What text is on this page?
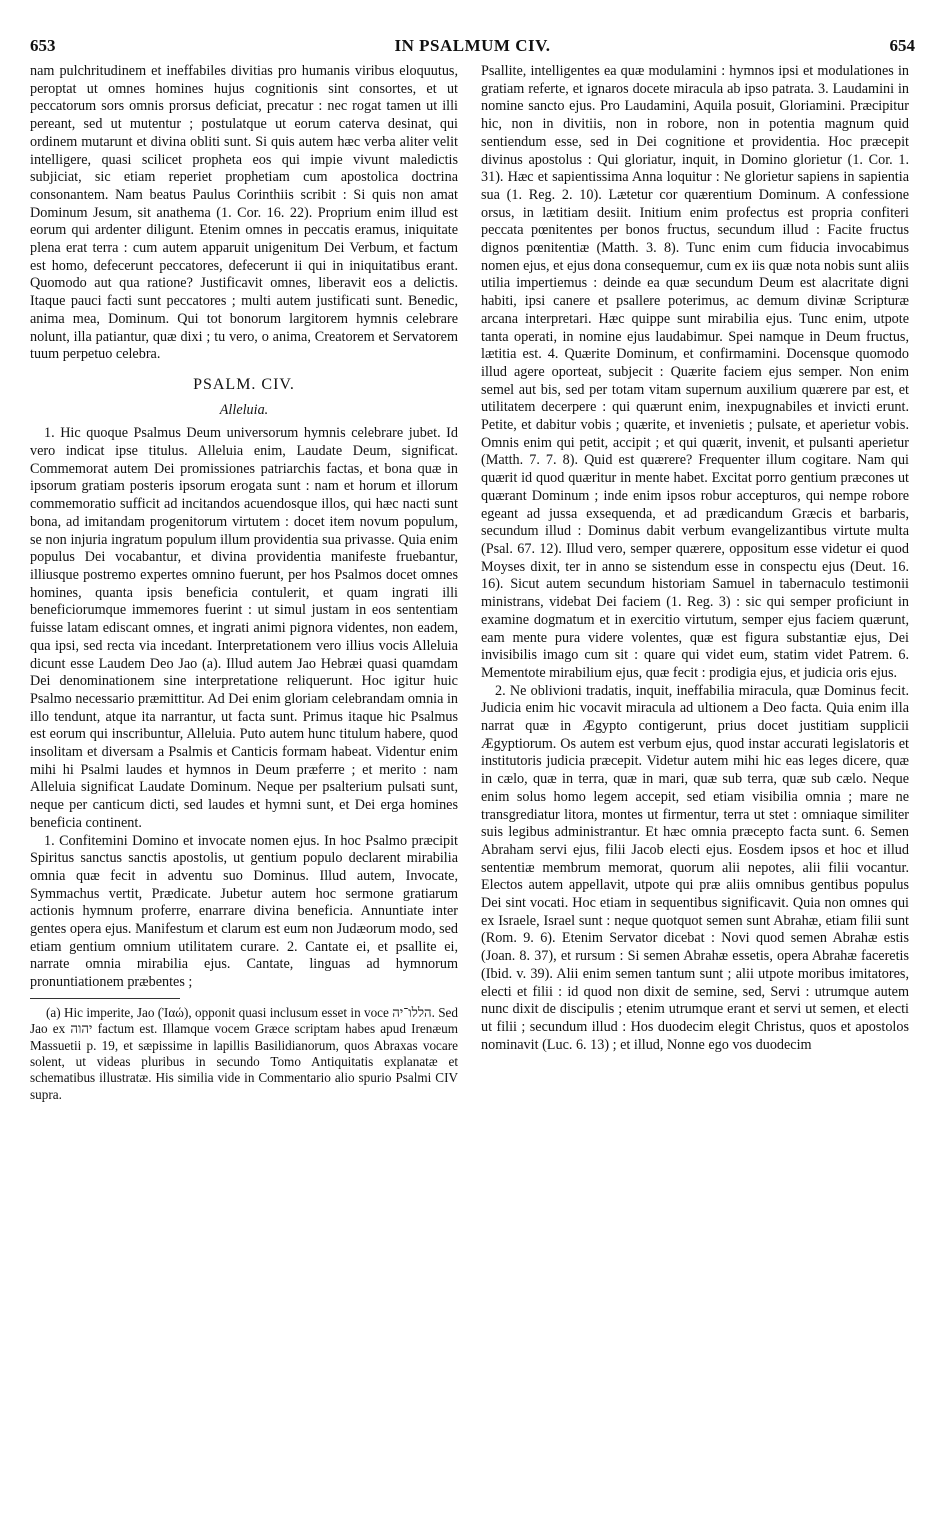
653	IN PSALMUM CIV.	654

nam pulchritudinem et ineffabiles divitias pro humanis viribus eloquutus, peroptat ut omnes homines hujus cognitionis sint consortes, et ut peccatorum sors omnis prorsus deficiat, precatur : nec rogat tamen ut illi pereant, sed ut mutentur ; postulatque ut eorum caterva desinat, qui ordinem mutarunt et divina obliti sunt. Si quis autem hæc verba aliter velit intelligere, quasi scilicet propheta eos qui impie vivunt maledictis subjiciat, sic etiam reperiet prophetiam cum apostolica doctrina consonantem. Nam beatus Paulus Corinthiis scribit : Si quis non amat Dominum Jesum, sit anathema (1. Cor. 16. 22). Proprium enim illud est eorum qui ardenter diligunt. Etenim omnes in peccatis eramus, iniquitate plena erat terra : cum autem apparuit unigenitum Dei Verbum, et factum est homo, defecerunt peccatores, defecerunt ii qui in iniquitatibus erant. Quomodo aut qua ratione? Justificavit omnes, liberavit eos a delictis. Itaque pauci facti sunt peccatores ; multi autem justificati sunt. Benedic, anima mea, Dominum. Qui tot bonorum largitorem hymnis celebrare nolunt, illa patiantur, quæ dixi ; tu vero, o anima, Creatorem et Servatorem tuum perpetuo celebra.

PSALM. CIV.
Alleluia.

1. Hic quoque Psalmus Deum universorum hymnis celebrare jubet. Id vero indicat ipse titulus. Alleluia enim, Laudate Deum, significat. Commemorat autem Dei promissiones patriarchis factas, et bona quæ in ipsorum gratiam posteris ipsorum erogata sunt : nam et horum et illorum commemoratio sufficit ad incitandos acuendosque illos, qui hæc nacti sunt bona, ad imitandam progenitorum virtutem : docet item novum populum, se non injuria ingratum populum illum providentia sua privasse. Quia enim populus Dei vocabantur, et divina providentia manifeste fruebantur, illiusque postremo expertes omnino fuerunt, per hos Psalmos docet omnes homines, quanta ipsis beneficia contulerit, et quam ingrati illi beneficiorumque immemores fuerint : ut simul justam in eos sententiam fuisse latam ediscant omnes, et ingrati animi pignora videntes, non eadem, qua ipsi, sed recta via incedant. Interpretationem vero illius vocis Alleluia dicunt esse Laudem Deo Jao (a). Illud autem Jao Hebræi quasi quamdam Dei denominationem sine interpretatione reliquerunt. Hoc igitur huic Psalmo necessario præmittitur. Ad Dei enim gloriam celebrandam omnia in illo tendunt, atque ita narrantur, ut facta sunt. Primus itaque hic Psalmus est eorum qui inscribuntur, Alleluia. Puto autem hunc titulum habere, quod insolitam et diversam a Psalmis et Canticis formam habeat. Videntur enim mihi hi Psalmi laudes et hymnos in Deum præferre ; et merito : nam Alleluia significat Laudate Dominum. Neque per psalterium pulsati sunt, neque per canticum dicti, sed laudes et hymni sunt, et Dei erga homines beneficia continent.

1. Confitemini Domino et invocate nomen ejus. In hoc Psalmo præcipit Spiritus sanctus sanctis apostolis, ut gentium populo declarent mirabilia omnia quæ fecit in adventu suo Dominus. Illud autem, Invocate, Symmachus vertit, Prædicate. Jubetur autem hoc sermone gratiarum actionis hymnum proferre, enarrare divina beneficia. Annuntiate inter gentes opera ejus. Manifestum et clarum est eum non Judæorum modo, sed etiam gentium omnium utilitatem curare. 2. Cantate ei, et psallite ei, narrate omnia mirabilia ejus. Cantate, linguas ad hymnorum pronuntiationem præbentes ;

(a) Hic imperite, Jao (Ἰαώ), opponit quasi inclusum esset in voce הללו־יה. Sed Jao ex יהוה factum est. Illamque vocem Græce scriptam habes apud Irenæum Massuetii p. 19, et sæpissime in lapillis Basilidianorum, quos Abraxas vocare solent, ut videas pluribus in secundo Tomo Antiquitatis explanatæ et schematibus illustratæ. His similia vide in Commentario alio spurio Psalmi CIV supra.

Psallite, intelligentes ea quæ modulamini : hymnos ipsi et modulationes in gratiam referte, et ignaros docete miracula ab ipso patrata. 3. Laudamini in nomine sancto ejus. Pro Laudamini, Aquila posuit, Gloriamini. Præcipitur hic, non in divitiis, non in robore, non in potentia magnum quid sentiendum esse, sed in Dei cognitione et providentia. Hoc præcepit divinus apostolus : Qui gloriatur, inquit, in Domino glorietur (1. Cor. 1. 31). Hæc et sapientissima Anna loquitur : Ne glorietur sapiens in sapientia sua (1. Reg. 2. 10). Lætetur cor quærentium Dominum. A confessione orsus, in lætitiam desiit. Initium enim profectus est propria confiteri peccata pœnitentes per bonos fructus, secundum illud : Facite fructus dignos pœnitentiæ (Matth. 3. 8). Tunc enim cum fiducia invocabimus nomen ejus, et ejus dona consequemur, cum ex iis quæ nota nobis sunt aliis utilia impertiemus : deinde ea quæ secundum Deum est alacritate digni habiti, ipsi canere et psallere poterimus, ac demum divinæ Scripturæ arcana interpretari. Hæc quippe sunt mirabilia ejus. Tunc enim, utpote tanta operati, in nomine ejus laudabimur. Spei namque in Deum fructus, lætitia est. 4. Quærite Dominum, et confirmamini. Docensque quomodo illud agere oporteat, subjecit : Quærite faciem ejus semper. Non enim semel aut bis, sed per totam vitam supernum auxilium quærere par est, et utilitatem decerpere : qui quærunt enim, inexpugnabiles et invicti erunt. Petite, et dabitur vobis ; quærite, et invenietis ; pulsate, et aperietur vobis. Omnis enim qui petit, accipit ; et qui quærit, invenit, et pulsanti aperietur (Matth. 7. 7. 8). Quid est quærere? Frequenter illum cogitare. Nam qui quærit id quod quæritur in mente habet. Excitat porro gentium præcones ut quærant Dominum ; inde enim ipsos robur accepturos, qui nempe robore egeant ad jussa exsequenda, et ad prædicandum Græcis et barbaris, secundum illud : Dominus dabit verbum evangelizantibus virtute multa (Psal. 67. 12). Illud vero, semper quærere, oppositum esse videtur ei quod Moyses dixit, ter in anno se sistendum esse in conspectu ejus (Deut. 16. 16). Sicut autem secundum historiam Samuel in tabernaculo testimonii ministrans, videbat Dei faciem (1. Reg. 3) : sic qui semper proficiunt in examine dogmatum et in exercitio virtutum, semper ejus faciem quærunt, eam mente pura videre volentes, quæ est figura substantiæ ejus, Dei invisibilis imago cum sit : quare qui videt eum, statim videt Patrem. 6. Mementote mirabilium ejus, quæ fecit : prodigia ejus, et judicia oris ejus.

2. Ne oblivioni tradatis, inquit, ineffabilia miracula, quæ Dominus fecit. Judicia enim hic vocavit miracula ad ultionem a Deo facta. Quia enim illa narrat quæ in Ægypto contigerunt, prius docet justitiam supplicii Ægyptiorum. Os autem est verbum ejus, quod instar accurati legislatoris et institutoris judicia præcepit. Videtur autem mihi hic eas leges dicere, quæ in cælo, quæ in terra, quæ in mari, quæ sub terra, quæ sub cælo. Neque enim solus homo legem accepit, sed etiam visibilia omnia ; mare ne transgrediatur litora, montes ut firmentur, terra ut stet : omniaque similiter suis legibus administrantur. Et hæc omnia præcepto facta sunt. 6. Semen Abraham servi ejus, filii Jacob electi ejus. Eosdem ipsos et hoc et illud sententiæ membrum memorat, quorum alii nepotes, alii filii vocantur. Electos autem appellavit, utpote qui præ aliis omnibus gentibus populus Dei sint vocati. Hoc etiam in sequentibus significavit. Quia non omnes qui ex Israele, Israel sunt : neque quotquot semen sunt Abrahæ, etiam filii sunt (Rom. 9. 6). Etenim Servator dicebat : Novi quod semen Abrahæ estis (Joan. 8. 37), et rursum : Si semen Abrahæ essetis, opera Abrahæ faceretis (Ibid. v. 39). Alii enim semen tantum sunt ; alii utpote moribus imitatores, electi et filii : id quod non dixit de semine, sed, Servi : utrumque autem nunc dixit de discipulis ; etenim utrumque erant et servi ut semen, et electi ut filii ; secundum illud : Hos duodecim elegit Christus, quos et apostolos nominavit (Luc. 6. 13) ; et illud, Nonne ego vos duodecim
